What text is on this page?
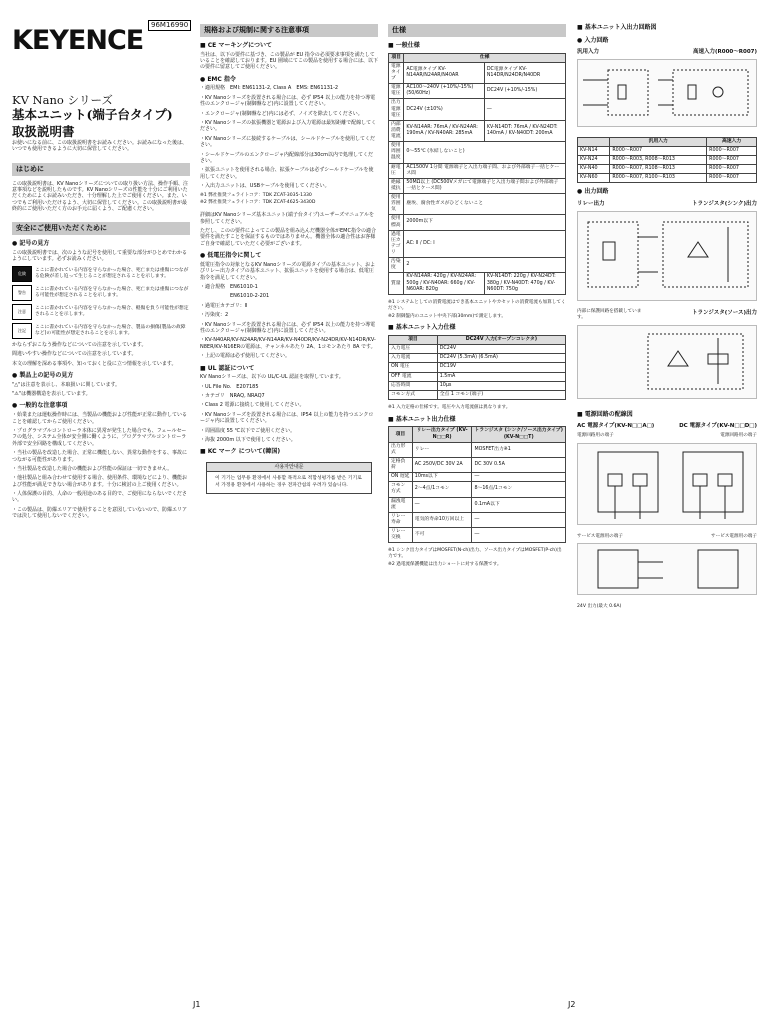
96M16990
KEYENCE
KV Nano シリーズ
基本ユニット(端子台タイプ)
取扱説明書
お使いになる前に、この取扱説明書をお読みください。お読みになった後は、いつでも使用できるように大切に保管してください。
はじめに
この取扱説明書は、KV Nanoシリーズについての取り扱い方法、操作手順、注意事項などを説明したものです。KV Nanoシリーズの性能を十分にご利用いただくためによくお読みいただき、十分理解した上でご使用ください。また、いつでもご利用いただけるよう、大切に保管してください。この取扱説明書が最終的にご使用いただく方のお手元に届くよう、ご配慮ください。
安全にご使用いただくために
● 記号の見方
この取扱説明書では、次のような記号を使用して重要な部分がひとめでわかるようにしています。必ずお読みください。
危険
ここに書かれている内容を守らなかった場合、死亡または重傷につながる危険が差し迫って生じることが想定されることを示します。
警告
ここに書かれている内容を守らなかった場合、死亡または重傷につながる可能性が想定されることを示します。
注意
ここに書かれている内容を守らなかった場合、軽傷を負う可能性が想定されることを示します。
注記
ここに書かれている内容を守らなかった場合、製品の損傷(製品の故障など)の可能性が想定されることを示します。
かならずおこなう操作などについての注意を示しています。
間違いやすい操作などについての注意を示しています。
本文の理解を深める事項や、知っておくと役に立つ情報を示しています。
● 製品上の記号の見方
"△"は注意を表示し、本取扱いに関しています。
"⚠"は機器構造を表示しています。
● 一般的な注意事項
・始業または運転操作時には、当製品の機能および性能が正常に動作していることを確認してからご使用ください。
・プログラマブルコントローラ本体に異常が発生した場合でも、フェールセーフの処分、システム全体が安全側に働くように、プログラマブルコントローラ外部で安全回路を構成してください。
・当社の製品を改造した場合、正常に機能しない、異常な動作をする、事故につながる可能性があります。
・当社製品を改造した場合の機能および性能の保証は一切できません。
・他社製品と組み合わせて使用する場合、使用条件、環境などにより、機能および性能が満足できない場合があります。十分に検討の上ご使用ください。
・人体保護の目的、人命の一般用途のある目的で、ご使用にならないでください。
・この製品は、防爆エリアで使用することを意図していないので、防爆エリアでは決して使用しないでください。
規格および規制に関する注意事項
■ CE マーキングについて
当社は、以下の要件に基づき、この製品が EU 指令の必須要求事項を満たしていることを確認しております。EU 圏域にてこの製品を使用する場合には、以下の要件に留意してご使用ください。
● EMC 指令
・適用規格　EMI: EN61131-2, Class A　EMS: EN61131-2
・KV Nanoシリーズを設置される場合には、必ず IP54 以上の能力を持つ導電性のエンクロージャ(制御盤など)内に設置してください。
・エンクロージャ(制御盤など)内には必ず、ノイズを除去してください。
・KV Nanoシリーズの拡張機器と電源および入力電源は最短距離で配線してください。
・KV Nanoシリーズに接続するケーブルは、シールドケーブルを使用してください。
・シールドケーブルのエンクロージャ内配線部分は30cm以内で処理してください。
・拡張ユニットを使用される場合、拡張ケーブルは必ずシールドケーブルを使用してください。
・入出力ユニットは、USBケーブルを使用してください。
※1 弊社推奨フェライトコア：TDK ZCAT-3035-1330
※2 弊社推奨フェライトコア：TDK ZCAT-4625-3430D
詳細はKV Nanoシリーズ基本ユニット(端子台タイプ)ユーザーズマニュアルを参照してください。
ただし、このの要件によってこの製品を組み込んだ機器全体がEMC指令の適合要件を満たすことを保証するものではありません。機器全体の適合性はお客様ご自身で確認していただく必要がございます。
● 低電圧指令に関して
低電圧指令の対象となるKV Nanoシリーズの電源タイプの基本ユニット、およびリレー出力タイプの基本ユニット、拡張ユニットを使用する場合は、低電圧指令を満足してください。
・適合規格　EN61010-1
　　　　　　EN61010-2-201
・過電圧カテゴリ：Ⅱ
・汚染度：2
・KV Nanoシリーズを設置される場合には、必ず IP54 以上の能力を持つ導電性のエンクロージャ(制御盤など)内に設置してください。
・KV-N40AR/KV-N24AR/KV-N14AR/KV-N40DR/KV-N24DR/KV-N14DR/KV-N8ER/KV-N16ERの電源は、チャンネルあたり 2A、1コモンあたり 8A です。
・上記の電源は必ず使用してください。
■ UL 認証について
KV Nanoシリーズは、以下の UL/C-UL 認証を取得しています。
・UL File No.　E207185
・カテゴリ　NRAQ, NRAQ7
・Class 2 電源に接続して使用してください。
・KV Nanoシリーズを設置される場合には、IP54 以上の能力を持つエンクロージャ内に設置してください。
・周囲温度 55 ℃以下でご使用ください。
・海抜 2000m 以下で使用してください。
■ KC マーク について(韓国)
사용자안내문
이 기기는 업무용 환경에서 사용할 목적으로 적합성평가를 받은 기기로서 가정용 환경에서 사용하는 경우 전파간섭의 우려가 있습니다.
仕様
■ 一般仕様
項目	仕様	
電源タイプ	AC電源タイプ KV-N14AR/N24AR/N40AR	DC電源タイプ KV-N14DR/N24DR/N40DR
電源電圧	AC100〜240V (+10%/-15%) (50/60Hz)	DC24V (+10%/-15%)
出力電源電圧	DC24V (±10%)	―
内部消費電流	KV-N14AR: 76mA / KV-N24AR: 190mA / KV-N40AR: 285mA	KV-N14DT: 76mA / KV-N24DT: 140mA / KV-N40DT: 200mA
使用周囲温度	0〜55℃ (氷結しないこと)	
耐電圧	AC1500V 1分間 電源端子と入出力端子間、および外部端子一括とケース間	
絶縁抵抗	50MΩ以上 (DC500Vメガにて電源端子と入出力端子間および外部端子一括とケース間)	
使用雰囲気	塵埃、腐食性ガスがひどくないこと	
使用標高	2000m以下	
過電圧カテゴリ	AC: Ⅱ / DC: Ⅰ	
汚染度	2	
質量	KV-N14AR: 420g / KV-N24AR: 500g / KV-N40AR: 660g / KV-N60AR: 820g	KV-N14DT: 220g / KV-N24DT: 380g / KV-N40DT: 470g / KV-N60DT: 750g
※1 システムとしての消費電流はでき基本ユニットやカセットの消費電流も加算してください。
※2 制御盤内のユニット中央下部(30mm)で測定します。
■ 基本ユニット入力仕様
項目	DC24V 入力(オープンコレクタ)
入力電圧	DC24V
入力電流	DC24V (5.3mA) (6.5mA)
ON 電圧	DC19V
OFF 電流	1.5mA
応答時間	10μs
コモン方式	全点 1 コモン(端子)
※1 入力定格の仕様です。電圧や入力電流値は異なります。
■ 基本ユニット出力仕様
項目	リレー出力タイプ (KV-N□□R)	トランジスタ (シンク/ソース出力タイプ) (KV-N□□T)
出力形式	リレー	MOSFET出力※1
定格負荷	AC 250V/DC 30V 2A	DC 30V 0.5A
ON 遅延	10ms以下	―
コモン方式	2〜4点/1コモン	8〜16点/1コモン
漏洩電流	―	0.1mA以下
リレー寿命	電気的寿命10万回以上	―
リレー交換	不可	―
※1 シンク出力タイプはMOSFET(N-ch)出力、ソース出力タイプはMOSFET(P-ch)出力です。
※2 過電流保護機能は出力ショートに対する保護です。
■ 基本ユニット入出力回路図
● 入力回路
汎用入力	高速入力(R000〜R007)
	汎用入力	高速入力
KV-N14	R000〜R007	R000〜R007
KV-N24	R000〜R003, R008〜R013	R000〜R007
KV-N40	R000〜R007, R108〜R013	R000〜R007
KV-N60	R000〜R007, R100〜R103	R000〜R007
● 出力回路
リレー出力	トランジスタ(シンク)出力
内部に保護回路を搭載しています。
トランジスタ(ソース)出力
■ 電源回路の配線図
AC 電源タイプ(KV-N□□A□)	DC 電源タイプ(KV-N□□D□)
電源回路用の端子	電源回路用の端子
サービス電源用の端子	サービス電源用の端子
24V 出力(最大 0.6A)
J1	J2
